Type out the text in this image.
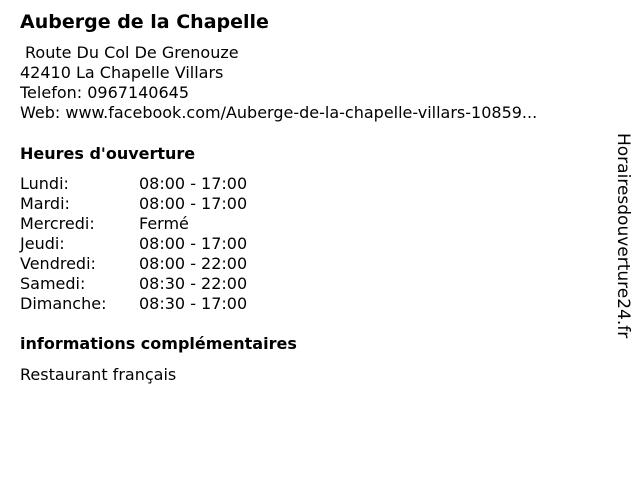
Auberge de la Chapelle
Route Du Col De Grenouze
42410 La Chapelle Villars
Telefon: 0967140645
Web: www.facebook.com/Auberge-de-la-chapelle-villars-10859...
Heures d'ouverture
Lundi:	08:00 - 17:00
Mardi:	08:00 - 17:00
Mercredi:	Fermé
Jeudi:	08:00 - 17:00
Vendredi:	08:00 - 22:00
Samedi:	08:30 - 22:00
Dimanche: 08:30 - 17:00
informations complémentaires
Restaurant français
Horairesdouverture24.fr
